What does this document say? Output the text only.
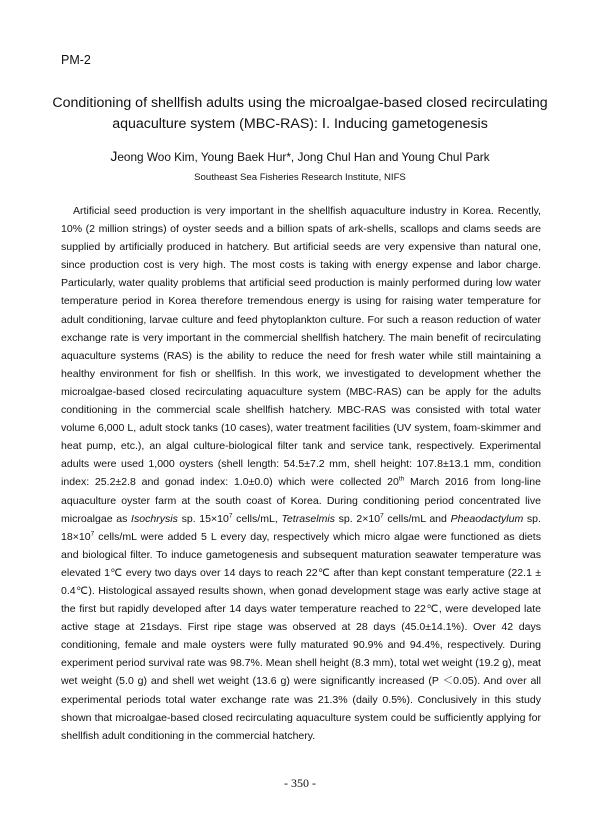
PM-2
Conditioning of shellfish adults using the microalgae-based closed recirculating
aquaculture system (MBC-RAS): Ⅰ. Inducing gametogenesis
Jeong Woo Kim, Young Baek Hur*, Jong Chul Han and Young Chul Park
Southeast Sea Fisheries Research Institute, NIFS

Artificial seed production is very important in the shellfish aquaculture industry in Korea. Recently, 10% (2 million strings) of oyster seeds and a billion spats of ark-shells, scallops and clams seeds are supplied by artificially produced in hatchery. But artificial seeds are very expensive than natural one, since production cost is very high. The most costs is taking with energy expense and labor charge. Particularly, water quality problems that artificial seed production is mainly performed during low water temperature period in Korea therefore tremendous energy is using for raising water temperature for adult conditioning, larvae culture and feed phytoplankton culture. For such a reason reduction of water exchange rate is very important in the commercial shellfish hatchery. The main benefit of recirculating aquaculture systems (RAS) is the ability to reduce the need for fresh water while still maintaining a healthy environment for fish or shellfish. In this work, we investigated to development whether the microalgae-based closed recirculating aquaculture system (MBC-RAS) can be apply for the adults conditioning in the commercial scale shellfish hatchery. MBC-RAS was consisted with total water volume 6,000 L, adult stock tanks (10 cases), water treatment facilities (UV system, foam-skimmer and heat pump, etc.), an algal culture-biological filter tank and service tank, respectively. Experimental adults were used 1,000 oysters (shell length: 54.5±7.2 mm, shell height: 107.8±13.1 mm, condition index: 25.2±2.8 and gonad index: 1.0±0.0) which were collected 20th March 2016 from long-line aquaculture oyster farm at the south coast of Korea. During conditioning period concentrated live microalgae as Isochrysis sp. $15\times 10^7$ cells/mL, Tetraselmis sp. $2\times 10^7$ cells/mL and Pheaodactylum sp. $18\times 10^7$ cells/mL were added 5 L every day, respectively which micro algae were functioned as diets and biological filter. To induce gametogenesis and subsequent maturation seawater temperature was elevated 1℃ every two days over 14 days to reach 22℃ after than kept constant temperature (22.1 ± 0.4℃). Histological assayed results shown, when gonad development stage was early active stage at the first but rapidly developed after 14 days water temperature reached to 22℃, were developed late active stage at 21sdays. First ripe stage was observed at 28 days (45.0±14.1%). Over 42 days conditioning, female and male oysters were fully maturated 90.9% and 94.4%, respectively. During experiment period survival rate was 98.7%. Mean shell height (8.3 mm), total wet weight (19.2 g), meat wet weight (5.0 g) and shell wet weight (13.6 g) were significantly increased (P ＜0.05). And over all experimental periods total water exchange rate was 21.3% (daily 0.5%). Conclusively in this study shown that microalgae-based closed recirculating aquaculture system could be sufficiently applying for shellfish adult conditioning in the commercial hatchery.

- 350 -
